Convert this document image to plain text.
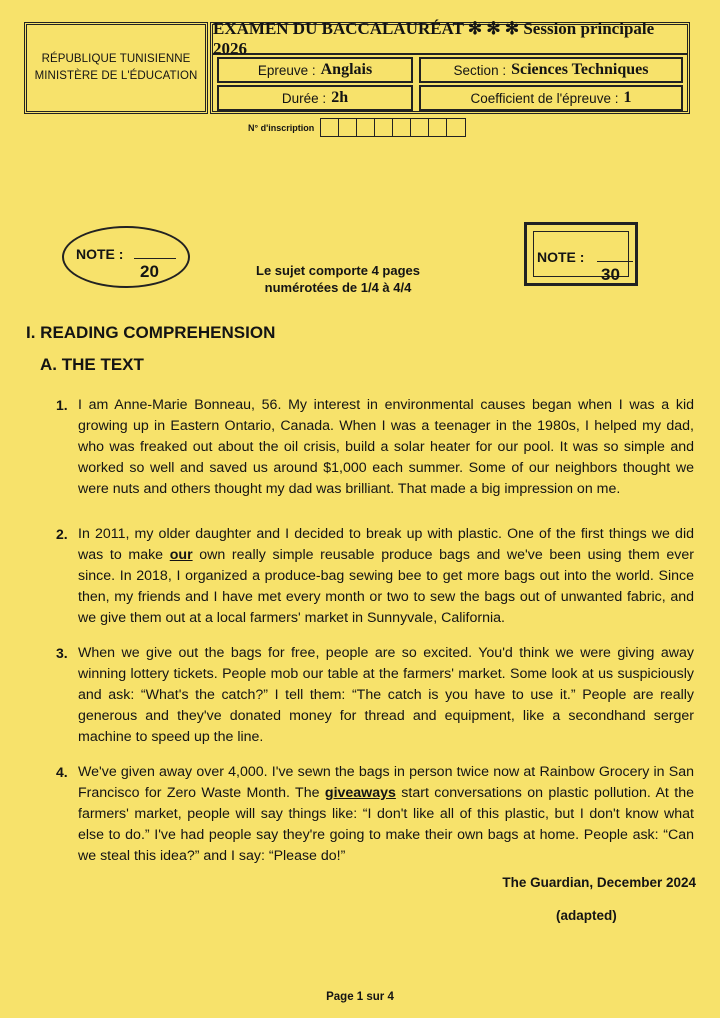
RÉPUBLIQUE TUNISIENNE
MINISTÈRE DE L'ÉDUCATION
EXAMEN DU BACCALAURÉAT ✻ ✻ ✻ Session principale 2026
Epreuve : Anglais	Section : Sciences Techniques
Durée : 2h	Coefficient de l'épreuve : 1
N° d'inscription
NOTE :
20	Le sujet comporte 4 pages numérotées de 1/4 à 4/4
NOTE :
30
I. READING COMPREHENSION
A. THE TEXT
1. I am Anne-Marie Bonneau, 56. My interest in environmental causes began when I was a kid growing up in Eastern Ontario, Canada. When I was a teenager in the 1980s, I helped my dad, who was freaked out about the oil crisis, build a solar heater for our pool. It was so simple and worked so well and saved us around $1,000 each summer. Some of our neighbors thought we were nuts and others thought my dad was brilliant. That made a big impression on me.
2. In 2011, my older daughter and I decided to break up with plastic. One of the first things we did was to make our own really simple reusable produce bags and we've been using them ever since. In 2018, I organized a produce-bag sewing bee to get more bags out into the world. Since then, my friends and I have met every month or two to sew the bags out of unwanted fabric, and we give them out at a local farmers' market in Sunnyvale, California.
3. When we give out the bags for free, people are so excited. You'd think we were giving away winning lottery tickets. People mob our table at the farmers' market. Some look at us suspiciously and ask: “What's the catch?” I tell them: “The catch is you have to use it.” People are really generous and they've donated money for thread and equipment, like a secondhand serger machine to speed up the line.
4. We've given away over 4,000. I've sewn the bags in person twice now at Rainbow Grocery in San Francisco for Zero Waste Month. The giveaways start conversations on plastic pollution. At the farmers' market, people will say things like: “I don't like all of this plastic, but I don't know what else to do.” I've had people say they're going to make their own bags at home. People ask: “Can we steal this idea?” and I say: “Please do!”
The Guardian, December 2024
(adapted)
Page 1 sur 4
